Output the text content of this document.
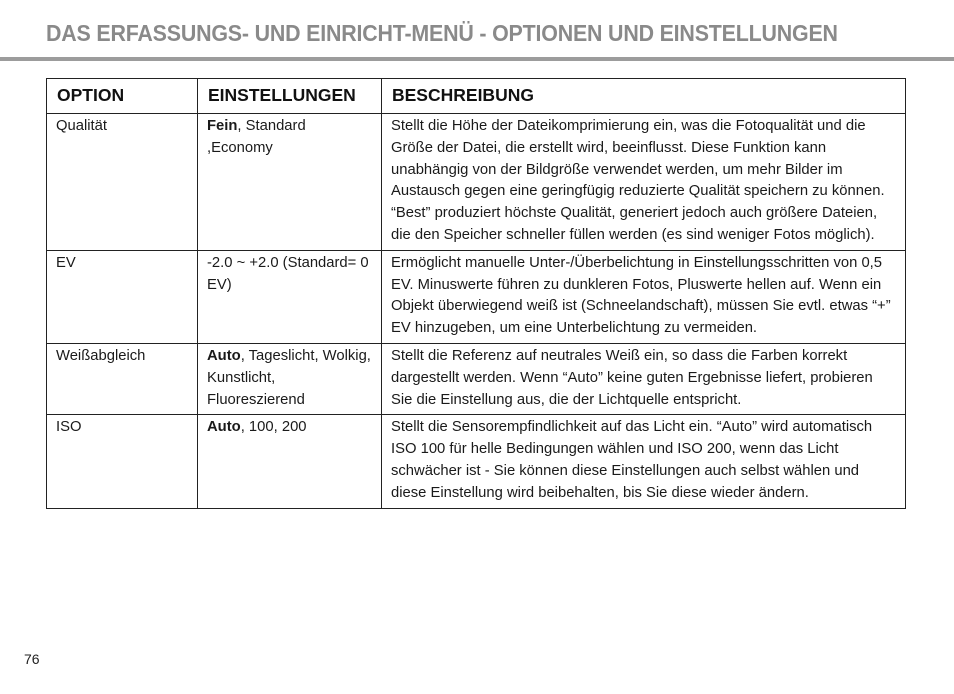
DAS ERFASSUNGS- UND EINRICHT-MENÜ - OPTIONEN UND EINSTELLUNGEN
OPTION	EINSTELLUNGEN	BESCHREIBUNG
Qualität	Fein, Standard ,Economy	Stellt die Höhe der Dateikomprimierung ein, was die Fotoqualität und die Größe der Datei, die erstellt wird, beeinflusst. Diese Funktion kann unabhängig von der Bildgröße verwendet werden, um mehr Bilder im Austausch gegen eine geringfügig reduzierte Qualität speichern zu können. “Best” produziert höchste Qualität, generiert jedoch auch größere Dateien, die den Speicher schneller füllen werden (es sind weniger Fotos möglich).
EV	-2.0 ~ +2.0 (Standard= 0 EV)	Ermöglicht manuelle Unter-/Überbelichtung in Einstellungsschritten von 0,5 EV. Minuswerte führen zu dunkleren Fotos, Pluswerte hellen auf. Wenn ein Objekt überwiegend weiß ist (Schneelandschaft), müssen Sie evtl. etwas “+” EV hinzugeben, um eine Unterbelichtung zu vermeiden.
Weißabgleich	Auto, Tageslicht, Wolkig, Kunstlicht, Fluoreszierend	Stellt die Referenz auf neutrales Weiß ein, so dass die Farben korrekt dargestellt werden. Wenn “Auto” keine guten Ergebnisse liefert, probieren Sie die Einstellung aus, die der Lichtquelle entspricht.
ISO	Auto, 100, 200	Stellt die Sensorempfindlichkeit auf das Licht ein. “Auto” wird automatisch ISO 100 für helle Bedingungen wählen und ISO 200, wenn das Licht schwächer ist - Sie können diese Einstellungen auch selbst wählen und diese Einstellung wird beibehalten, bis Sie diese wieder ändern.
76
